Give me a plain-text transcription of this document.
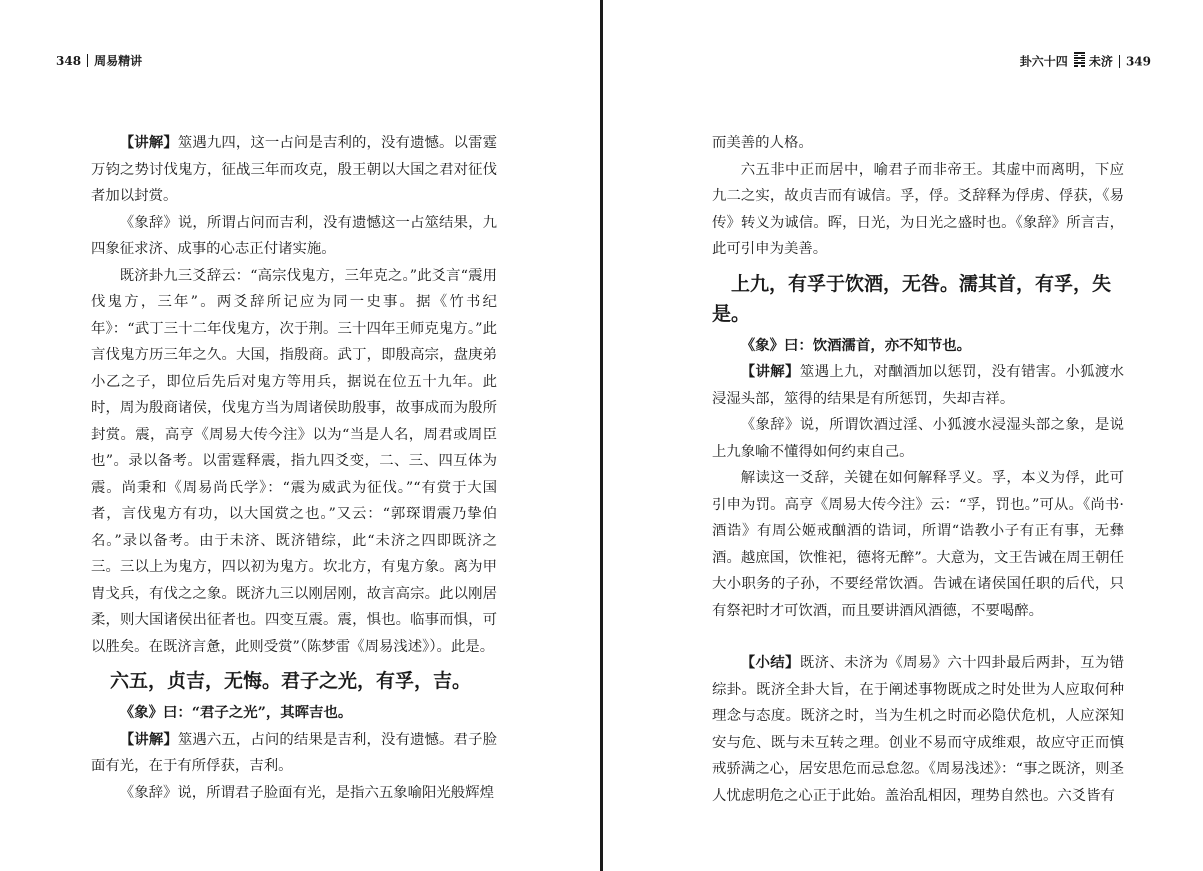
348 周易精讲

【讲解】筮遇九四，这一占问是吉利的，没有遗憾。以雷霆万钧之势讨伐鬼方，征战三年而攻克，殷王朝以大国之君对征伐者加以封赏。

《象辞》说，所谓占问而吉利，没有遗憾这一占筮结果，九四象征求济、成事的心志正付诸实施。

既济卦九三爻辞云：“高宗伐鬼方，三年克之。”此爻言“震用伐鬼方，三年”。两爻辞所记应为同一史事。据《竹书纪年》：“武丁三十二年伐鬼方，次于荆。三十四年王师克鬼方。”此言伐鬼方历三年之久。大国，指殷商。武丁，即殷高宗，盘庚弟小乙之子，即位后先后对鬼方等用兵，据说在位五十九年。此时，周为殷商诸侯，伐鬼方当为周诸侯助殷事，故事成而为殷所封赏。震，高亨《周易大传今注》以为“当是人名，周君或周臣也”。录以备考。以雷霆释震，指九四爻变，二、三、四互体为震。尚秉和《周易尚氏学》：“震为威武为征伐。”“有赏于大国者，言伐鬼方有功，以大国赏之也。”又云：“郭琛谓震乃挚伯名。”录以备考。由于未济、既济错综，此“未济之四即既济之三。三以上为鬼方，四以初为鬼方。坎北方，有鬼方象。离为甲胄戈兵，有伐之之象。既济九三以刚居刚，故言高宗。此以刚居柔，则大国诸侯出征者也。四变互震。震，惧也。临事而惧，可以胜矣。在既济言惫，此则受赏”（陈梦雷《周易浅述》）。此是。

六五，贞吉，无悔。君子之光，有孚，吉。

《象》曰：“君子之光”，其晖吉也。

【讲解】筮遇六五，占问的结果是吉利，没有遗憾。君子脸面有光，在于有所俘获，吉利。

《象辞》说，所谓君子脸面有光，是指六五象喻阳光般辉煌

卦六十四 未济 349

而美善的人格。

六五非中正而居中，喻君子而非帝王。其虚中而离明，下应九二之实，故贞吉而有诚信。孚，俘。爻辞释为俘虏、俘获，《易传》转义为诚信。晖，日光，为日光之盛时也。《象辞》所言吉，此可引申为美善。

上九，有孚于饮酒，无咎。濡其首，有孚，失是。

《象》曰：饮酒濡首，亦不知节也。

【讲解】筮遇上九，对酗酒加以惩罚，没有错害。小狐渡水浸湿头部，筮得的结果是有所惩罚，失却吉祥。

《象辞》说，所谓饮酒过淫、小狐渡水浸湿头部之象，是说上九象喻不懂得如何约束自己。

解读这一爻辞，关键在如何解释孚义。孚，本义为俘，此可引申为罚。高亨《周易大传今注》云：“孚，罚也。”可从。《尚书·酒诰》有周公姬戒酗酒的诰词，所谓“诰教小子有正有事，无彝酒。越庶国，饮惟祀，德将无醉”。大意为，文王告诫在周王朝任大小职务的子孙，不要经常饮酒。告诫在诸侯国任职的后代，只有祭祀时才可饮酒，而且要讲酒风酒德，不要喝醉。

【小结】既济、未济为《周易》六十四卦最后两卦，互为错综卦。既济全卦大旨，在于阐述事物既成之时处世为人应取何种理念与态度。既济之时，当为生机之时而必隐伏危机，人应深知安与危、既与未互转之理。创业不易而守成维艰，故应守正而慎戒骄满之心，居安思危而忌怠忽。《周易浅述》：“事之既济，则圣人忧虑明危之心正于此始。盖治乱相因，理势自然也。六爻皆有
